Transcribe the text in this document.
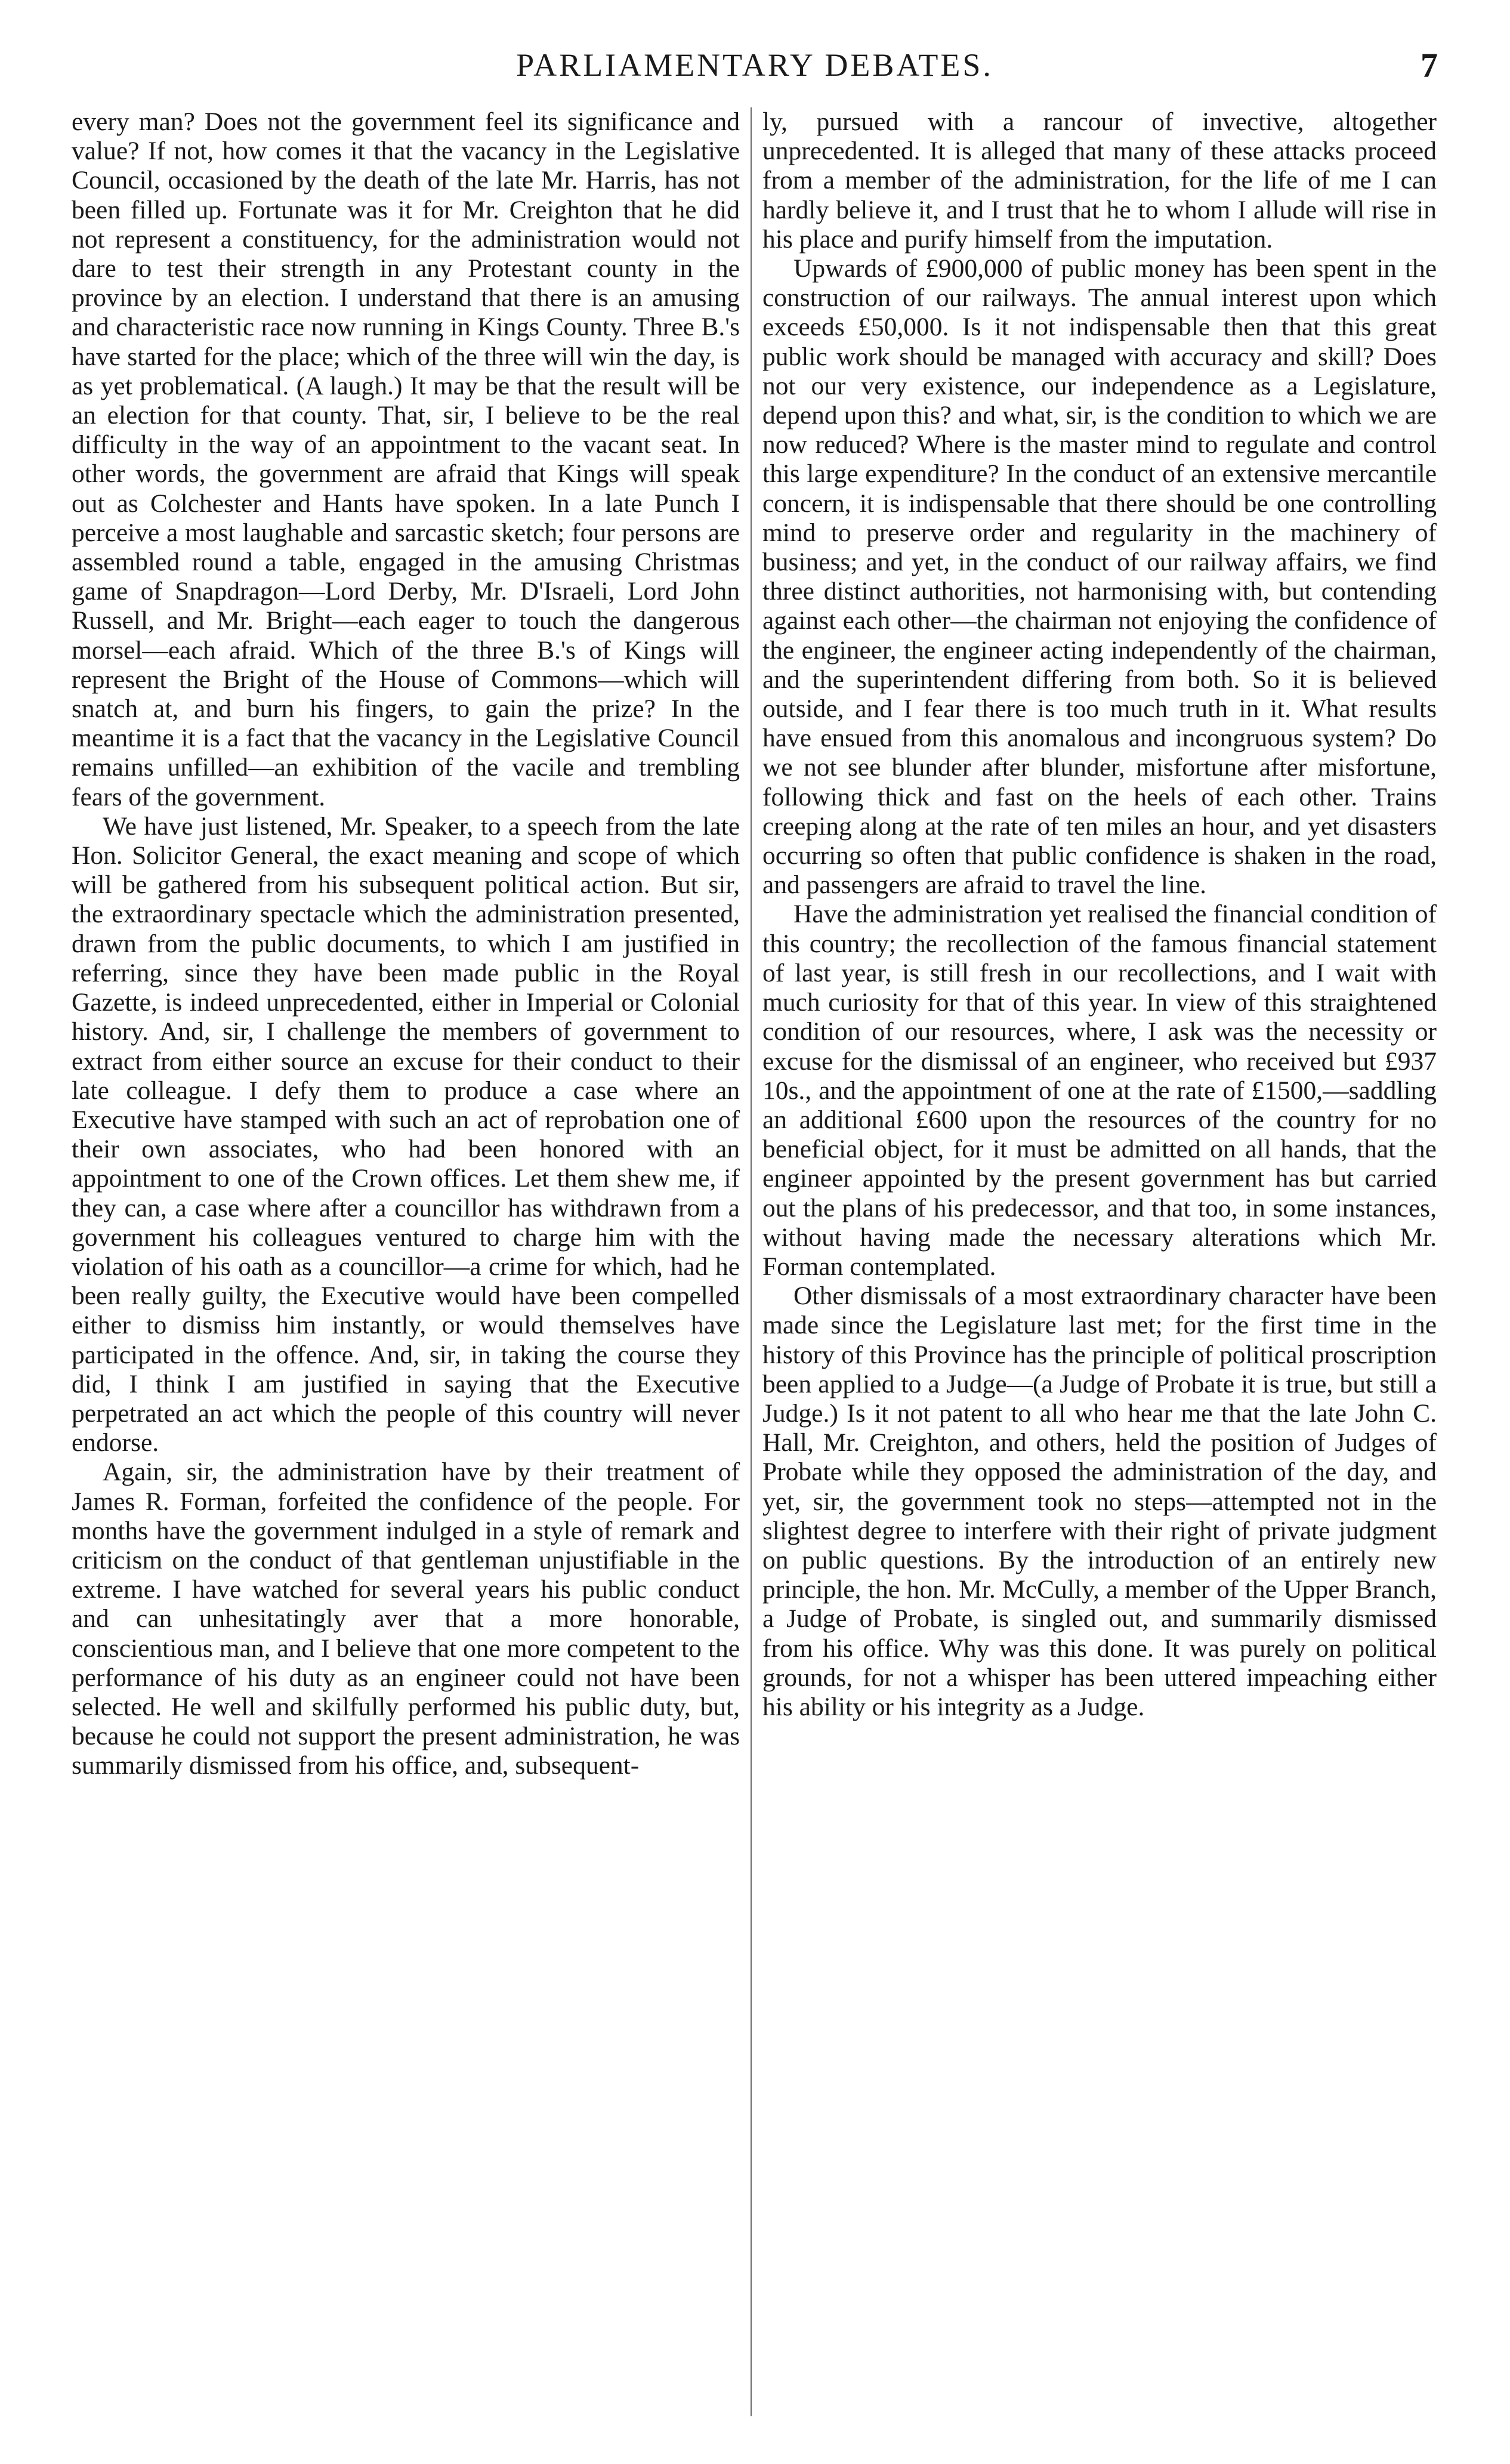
PARLIAMENTARY DEBATES.	7

every man? Does not the government feel its significance and value? If not, how comes it that the vacancy in the Legislative Council, occasioned by the death of the late Mr. Harris, has not been filled up. Fortunate was it for Mr. Creighton that he did not represent a constituency, for the administration would not dare to test their strength in any Protestant county in the province by an election. I understand that there is an amusing and characteristic race now running in Kings County. Three B.'s have started for the place; which of the three will win the day, is as yet problematical. (A laugh.) It may be that the result will be an election for that county. That, sir, I believe to be the real difficulty in the way of an appointment to the vacant seat. In other words, the government are afraid that Kings will speak out as Colchester and Hants have spoken. In a late Punch I perceive a most laughable and sarcastic sketch; four persons are assembled round a table, engaged in the amusing Christmas game of Snapdragon—Lord Derby, Mr. D'Israeli, Lord John Russell, and Mr. Bright—each eager to touch the dangerous morsel—each afraid. Which of the three B.'s of Kings will represent the Bright of the House of Commons—which will snatch at, and burn his fingers, to gain the prize? In the meantime it is a fact that the vacancy in the Legislative Council remains unfilled—an exhibition of the vacile and trembling fears of the government.

We have just listened, Mr. Speaker, to a speech from the late Hon. Solicitor General, the exact meaning and scope of which will be gathered from his subsequent political action. But sir, the extraordinary spectacle which the administration presented, drawn from the public documents, to which I am justified in referring, since they have been made public in the Royal Gazette, is indeed unprecedented, either in Imperial or Colonial history. And, sir, I challenge the members of government to extract from either source an excuse for their conduct to their late colleague. I defy them to produce a case where an Executive have stamped with such an act of reprobation one of their own associates, who had been honored with an appointment to one of the Crown offices. Let them shew me, if they can, a case where after a councillor has withdrawn from a government his colleagues ventured to charge him with the violation of his oath as a councillor—a crime for which, had he been really guilty, the Executive would have been compelled either to dismiss him instantly, or would themselves have participated in the offence. And, sir, in taking the course they did, I think I am justified in saying that the Executive perpetrated an act which the people of this country will never endorse.

Again, sir, the administration have by their treatment of James R. Forman, forfeited the confidence of the people. For months have the government indulged in a style of remark and criticism on the conduct of that gentleman unjustifiable in the extreme. I have watched for several years his public conduct and can unhesitatingly aver that a more honorable, conscientious man, and I believe that one more competent to the performance of his duty as an engineer could not have been selected. He well and skilfully performed his public duty, but, because he could not support the present administration, he was summarily dismissed from his office, and, subsequent-

ly, pursued with a rancour of invective, altogether unprecedented. It is alleged that many of these attacks proceed from a member of the administration, for the life of me I can hardly believe it, and I trust that he to whom I allude will rise in his place and purify himself from the imputation.

Upwards of £900,000 of public money has been spent in the construction of our railways. The annual interest upon which exceeds £50,000. Is it not indispensable then that this great public work should be managed with accuracy and skill? Does not our very existence, our independence as a Legislature, depend upon this? and what, sir, is the condition to which we are now reduced? Where is the master mind to regulate and control this large expenditure? In the conduct of an extensive mercantile concern, it is indispensable that there should be one controlling mind to preserve order and regularity in the machinery of business; and yet, in the conduct of our railway affairs, we find three distinct authorities, not harmonising with, but contending against each other—the chairman not enjoying the confidence of the engineer, the engineer acting independently of the chairman, and the superintendent differing from both. So it is believed outside, and I fear there is too much truth in it. What results have ensued from this anomalous and incongruous system? Do we not see blunder after blunder, misfortune after misfortune, following thick and fast on the heels of each other. Trains creeping along at the rate of ten miles an hour, and yet disasters occurring so often that public confidence is shaken in the road, and passengers are afraid to travel the line.

Have the administration yet realised the financial condition of this country; the recollection of the famous financial statement of last year, is still fresh in our recollections, and I wait with much curiosity for that of this year. In view of this straightened condition of our resources, where, I ask was the necessity or excuse for the dismissal of an engineer, who received but £937 10s., and the appointment of one at the rate of £1500,—saddling an additional £600 upon the resources of the country for no beneficial object, for it must be admitted on all hands, that the engineer appointed by the present government has but carried out the plans of his predecessor, and that too, in some instances, without having made the necessary alterations which Mr. Forman contemplated.

Other dismissals of a most extraordinary character have been made since the Legislature last met; for the first time in the history of this Province has the principle of political proscription been applied to a Judge—(a Judge of Probate it is true, but still a Judge.) Is it not patent to all who hear me that the late John C. Hall, Mr. Creighton, and others, held the position of Judges of Probate while they opposed the administration of the day, and yet, sir, the government took no steps—attempted not in the slightest degree to interfere with their right of private judgment on public questions. By the introduction of an entirely new principle, the hon. Mr. McCully, a member of the Upper Branch, a Judge of Probate, is singled out, and summarily dismissed from his office. Why was this done. It was purely on political grounds, for not a whisper has been uttered impeaching either his ability or his integrity as a Judge.
